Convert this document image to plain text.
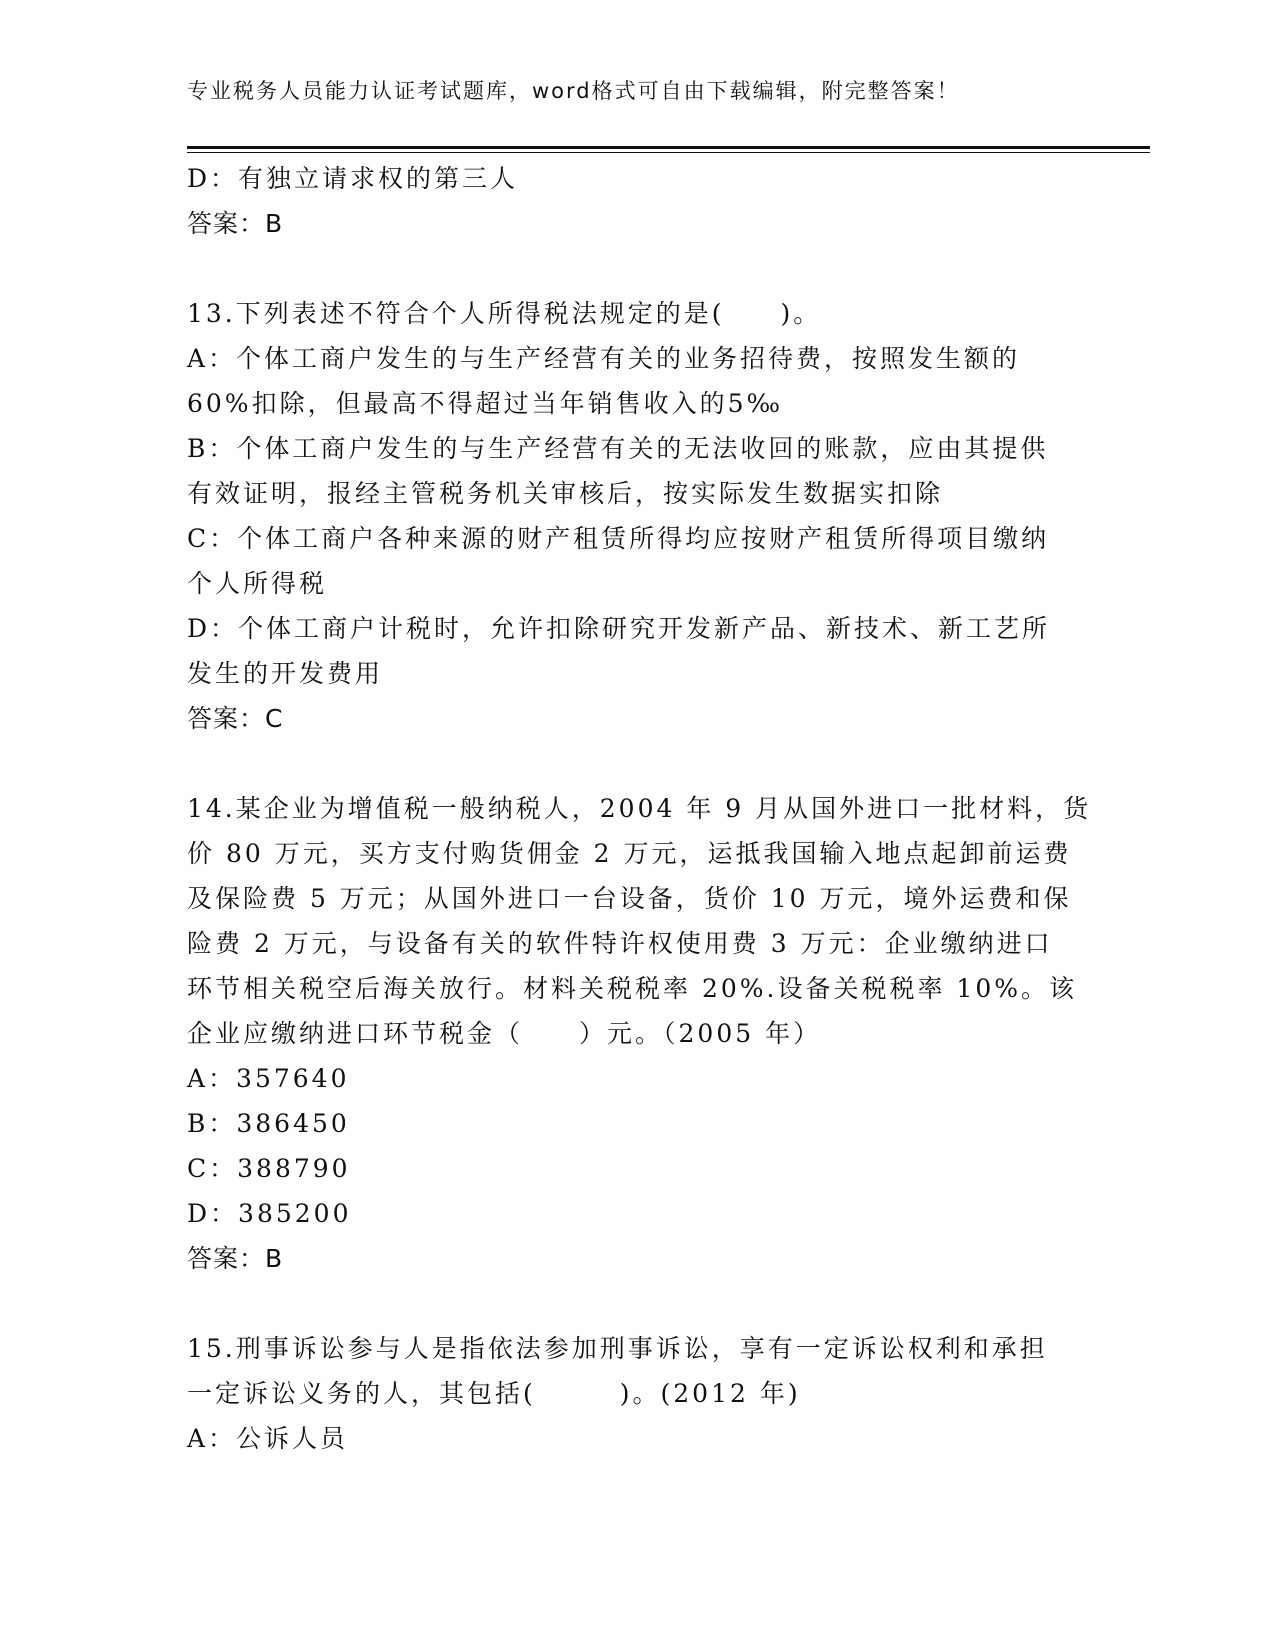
专业税务人员能力认证考试题库，word格式可自由下载编辑，附完整答案！
D：有独立请求权的第三人
答案：B
13.下列表述不符合个人所得税法规定的是(　　)。
A：个体工商户发生的与生产经营有关的业务招待费，按照发生额的
60%扣除，但最高不得超过当年销售收入的5‰
B：个体工商户发生的与生产经营有关的无法收回的账款，应由其提供
有效证明，报经主管税务机关审核后，按实际发生数据实扣除
C：个体工商户各种来源的财产租赁所得均应按财产租赁所得项目缴纳
个人所得税
D：个体工商户计税时，允许扣除研究开发新产品、新技术、新工艺所
发生的开发费用
答案：C
14.某企业为增值税一般纳税人，2004 年 9 月从国外进口一批材料，货
价 80 万元，买方支付购货佣金 2 万元，运抵我国输入地点起卸前运费
及保险费 5 万元；从国外进口一台设备，货价 10 万元，境外运费和保
险费 2 万元，与设备有关的软件特许权使用费 3 万元：企业缴纳进口
环节相关税空后海关放行。材料关税税率 20%.设备关税税率 10%。该
企业应缴纳进口环节税金（　　）元。（2005 年）
A：357640
B：386450
C：388790
D：385200
答案：B
15.刑事诉讼参与人是指依法参加刑事诉讼，享有一定诉讼权利和承担
一定诉讼义务的人，其包括(　　　)。(2012 年)
A：公诉人员
